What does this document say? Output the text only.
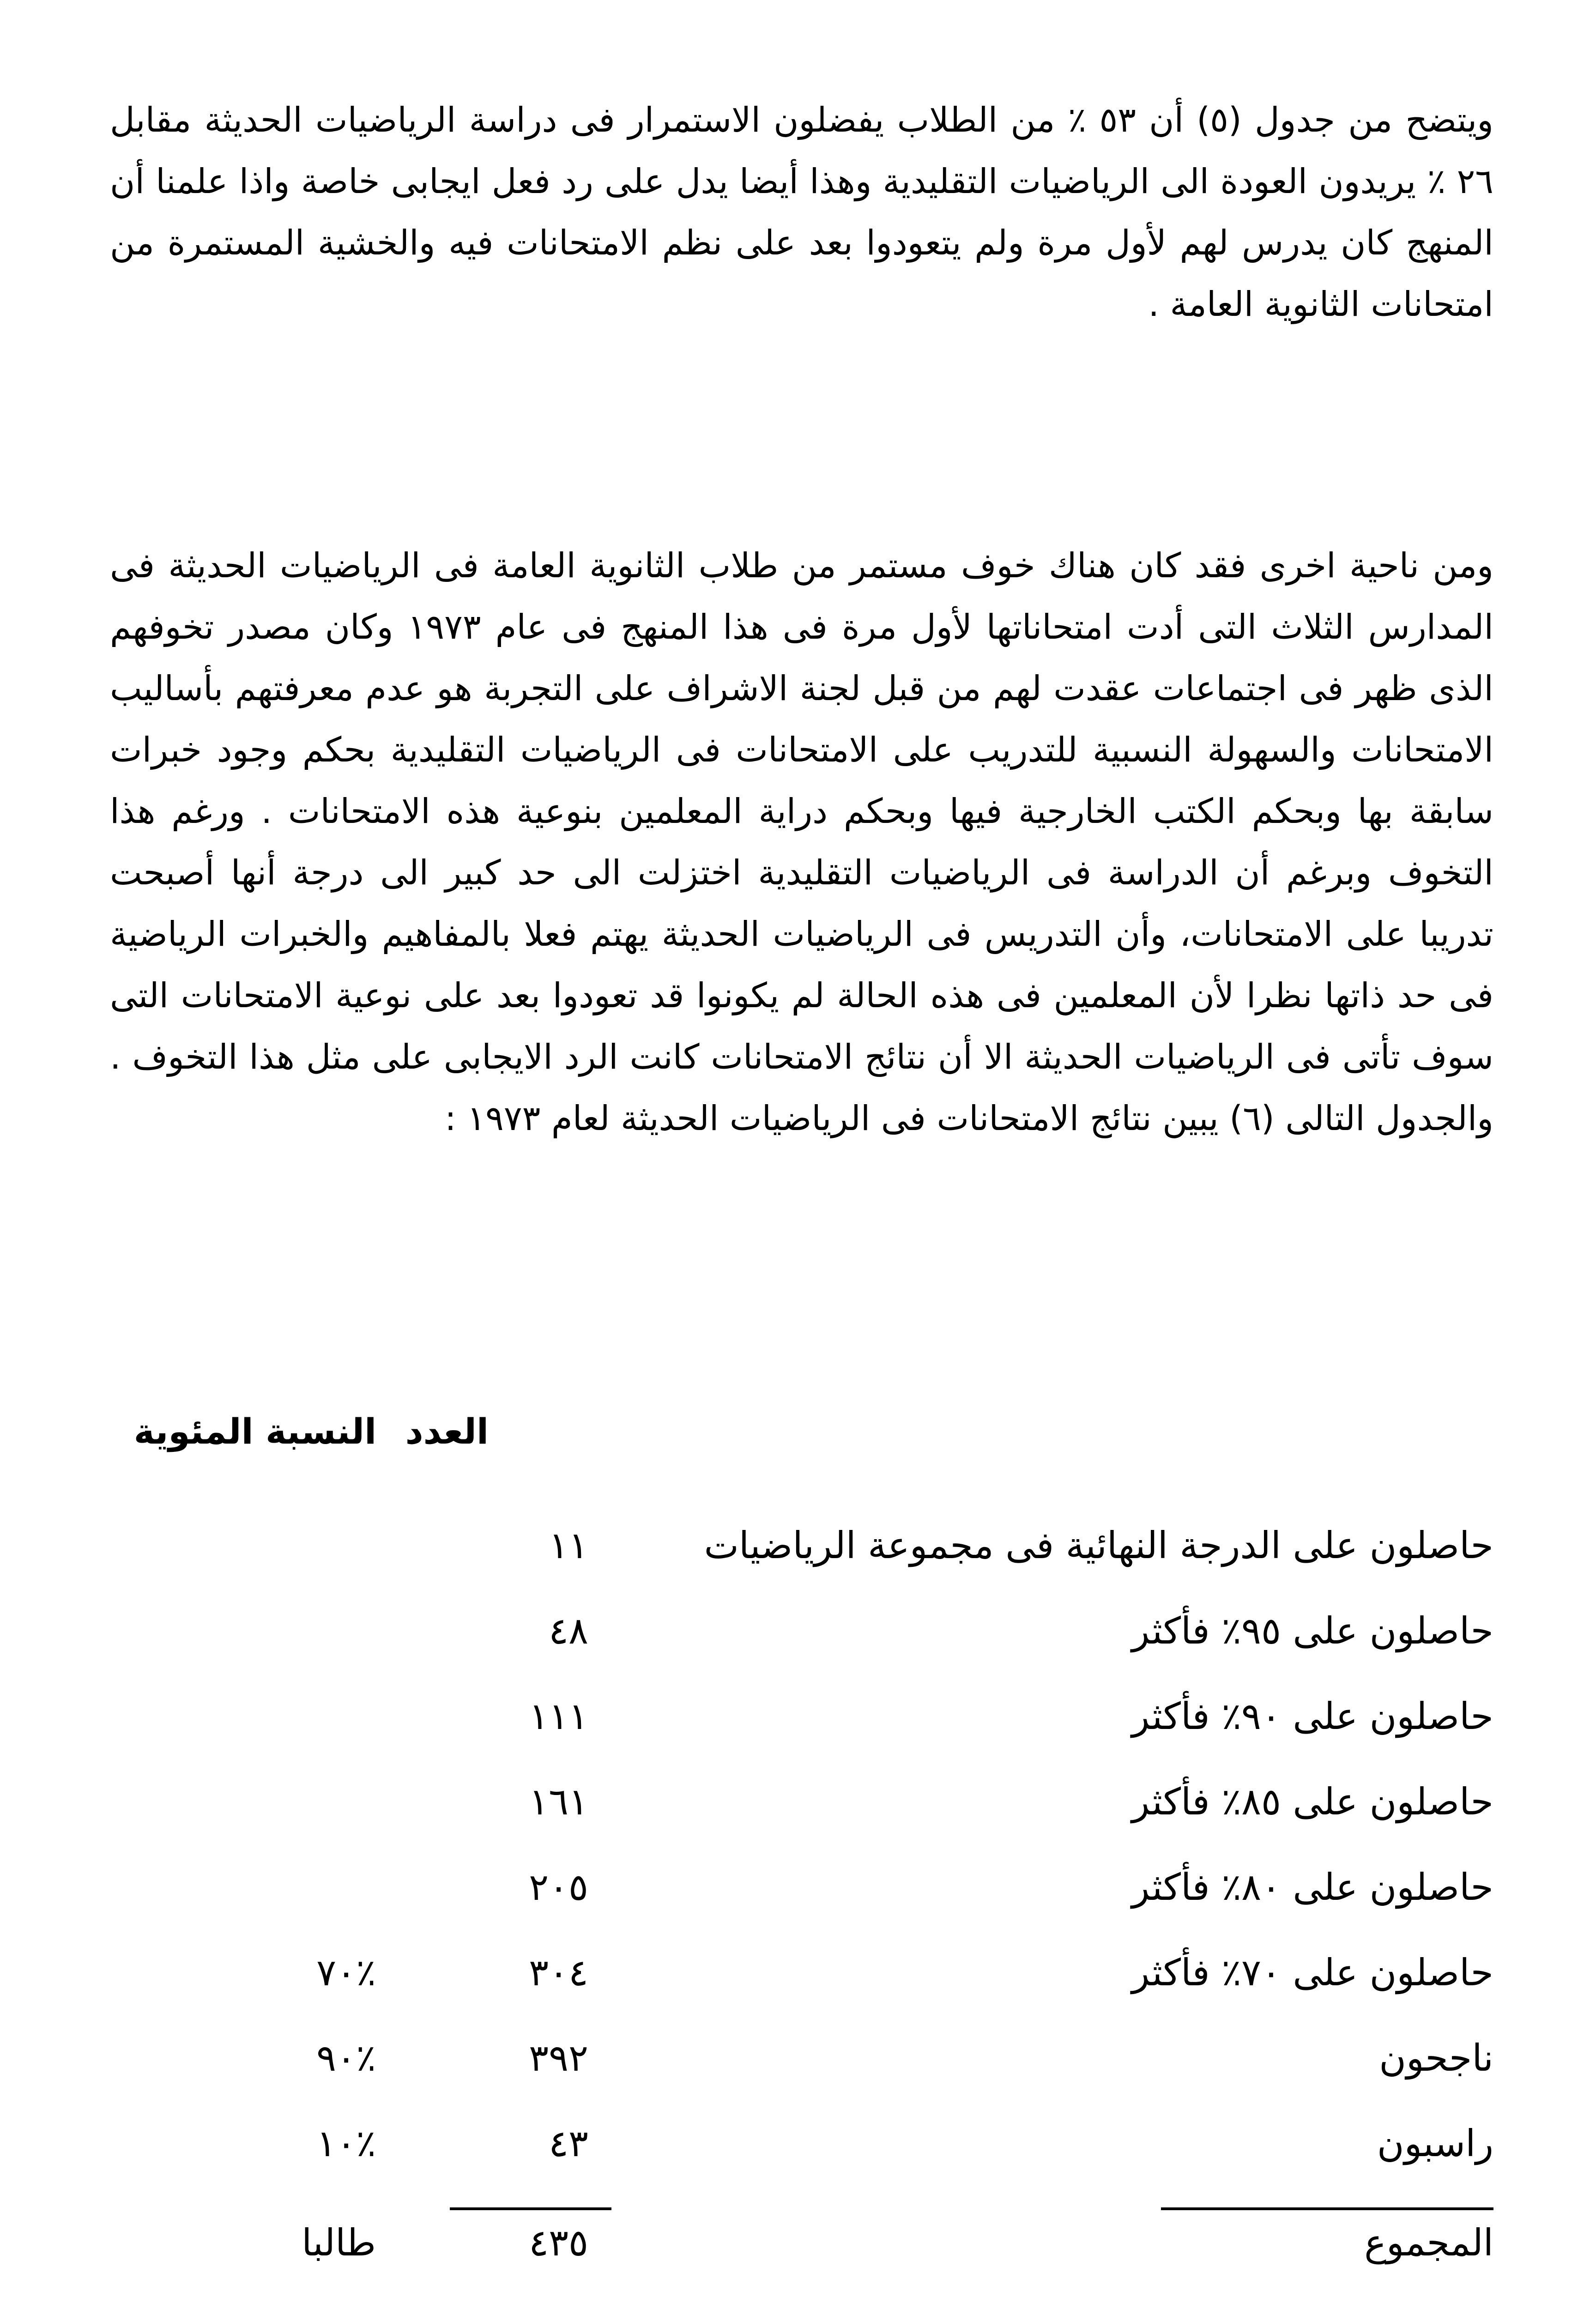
ويتضح من جدول (٥) أن ٥٣ ٪ من الطلاب يفضلون الاستمرار فى دراسة الرياضيات الحديثة مقابل ٢٦ ٪ يريدون العودة الى الرياضيات التقليدية وهذا أيضا يدل على رد فعل ايجابى خاصة واذا علمنا أن المنهج كان يدرس لهم لأول مرة ولم يتعودوا بعد على نظم الامتحانات فيه والخشية المستمرة من امتحانات الثانوية العامة .

ومن ناحية اخرى فقد كان هناك خوف مستمر من طلاب الثانوية العامة فى الرياضيات الحديثة فى المدارس الثلاث التى أدت امتحاناتها لأول مرة فى هذا المنهج فى عام ١٩٧٣ وكان مصدر تخوفهم الذى ظهر فى اجتماعات عقدت لهم من قبل لجنة الاشراف على التجربة هو عدم معرفتهم بأساليب الامتحانات والسهولة النسبية للتدريب على الامتحانات فى الرياضيات التقليدية بحكم وجود خبرات سابقة بها وبحكم الكتب الخارجية فيها وبحكم دراية المعلمين بنوعية هذه الامتحانات . ورغم هذا التخوف وبرغم أن الدراسة فى الرياضيات التقليدية اختزلت الى حد كبير الى درجة أنها أصبحت تدريبا على الامتحانات، وأن التدريس فى الرياضيات الحديثة يهتم فعلا بالمفاهيم والخبرات الرياضية فى حد ذاتها نظرا لأن المعلمين فى هذه الحالة لم يكونوا قد تعودوا بعد على نوعية الامتحانات التى سوف تأتى فى الرياضيات الحديثة الا أن نتائج الامتحانات كانت الرد الايجابى على مثل هذا التخوف . والجدول التالى (٦) يبين نتائج الامتحانات فى الرياضيات الحديثة لعام ١٩٧٣ :

العدد النسبة المئوية
حاصلون على الدرجة النهائية فى مجموعة الرياضيات
١١
حاصلون على ٩٥٪ فأكثر
٤٨
حاصلون على ٩٠٪ فأكثر
١١١
حاصلون على ٨٥٪ فأكثر
١٦١
حاصلون على ٨٠٪ فأكثر
٢٠٥
حاصلون على ٧٠٪ فأكثر
٣٠٤
٪٧٠
ناجحون
٣٩٢
٪٩٠
راسبون
٤٣
٪١٠
المجموع
٤٣٥
طالبا
